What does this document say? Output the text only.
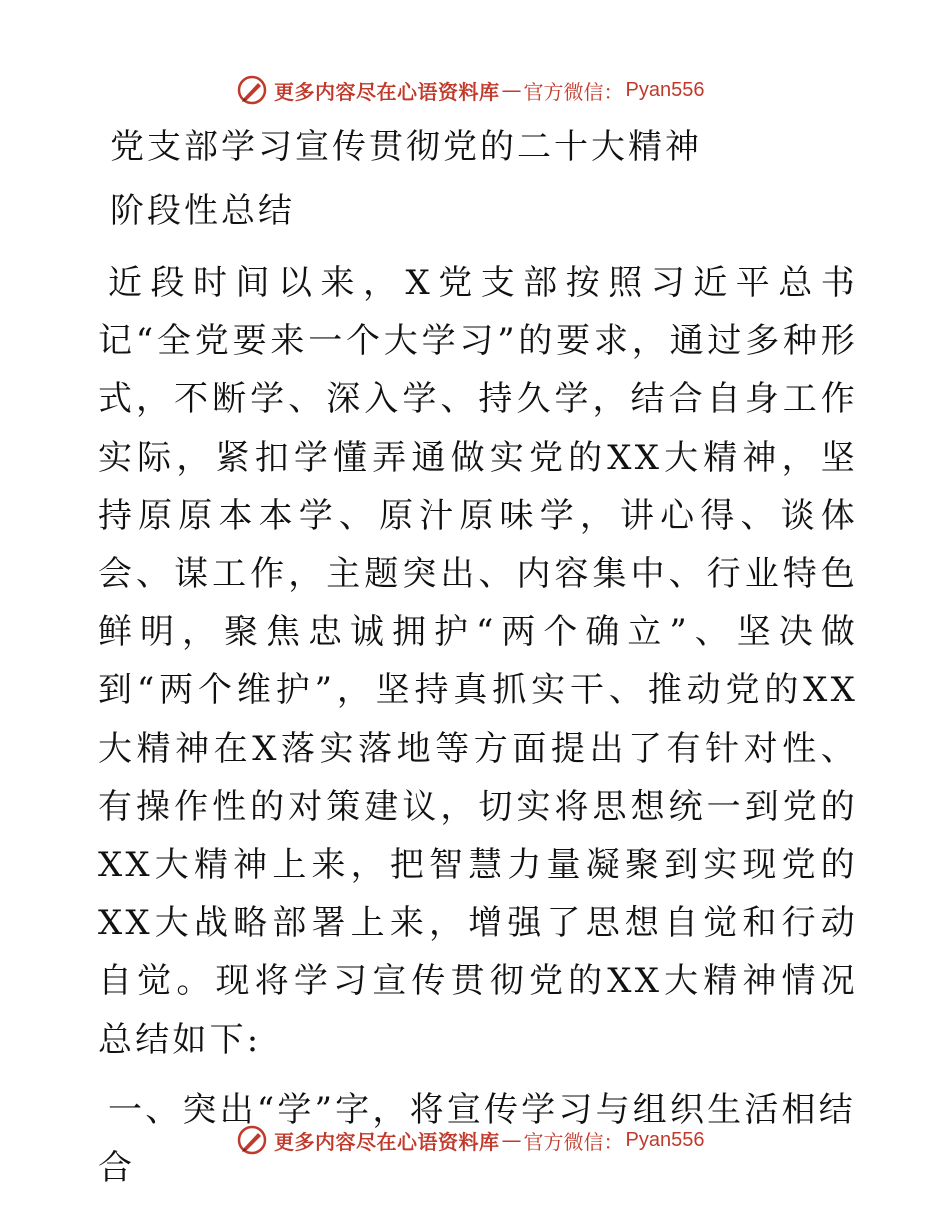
更多内容尽在心语资料库 — 官方微信： Pyan556
党支部学习宣传贯彻党的二十大精神
阶段性总结

近段时间以来，X党支部按照习近平总书记“全党要来一个大学习”的要求，通过多种形式，不断学、深入学、持久学，结合自身工作实际，紧扣学懂弄通做实党的XX大精神，坚持原原本本学、原汁原味学，讲心得、谈体会、谋工作，主题突出、内容集中、行业特色鲜明，聚焦忠诚拥护“两个确立”、坚决做到“两个维护”，坚持真抓实干、推动党的XX大精神在X落实落地等方面提出了有针对性、有操作性的对策建议，切实将思想统一到党的XX大精神上来，把智慧力量凝聚到实现党的XX大战略部署上来，增强了思想自觉和行动自觉。现将学习宣传贯彻党的XX大精神情况总结如下:

一、突出“学”字，将宣传学习与组织生活相结合

更多内容尽在心语资料库 — 官方微信： Pyan556
